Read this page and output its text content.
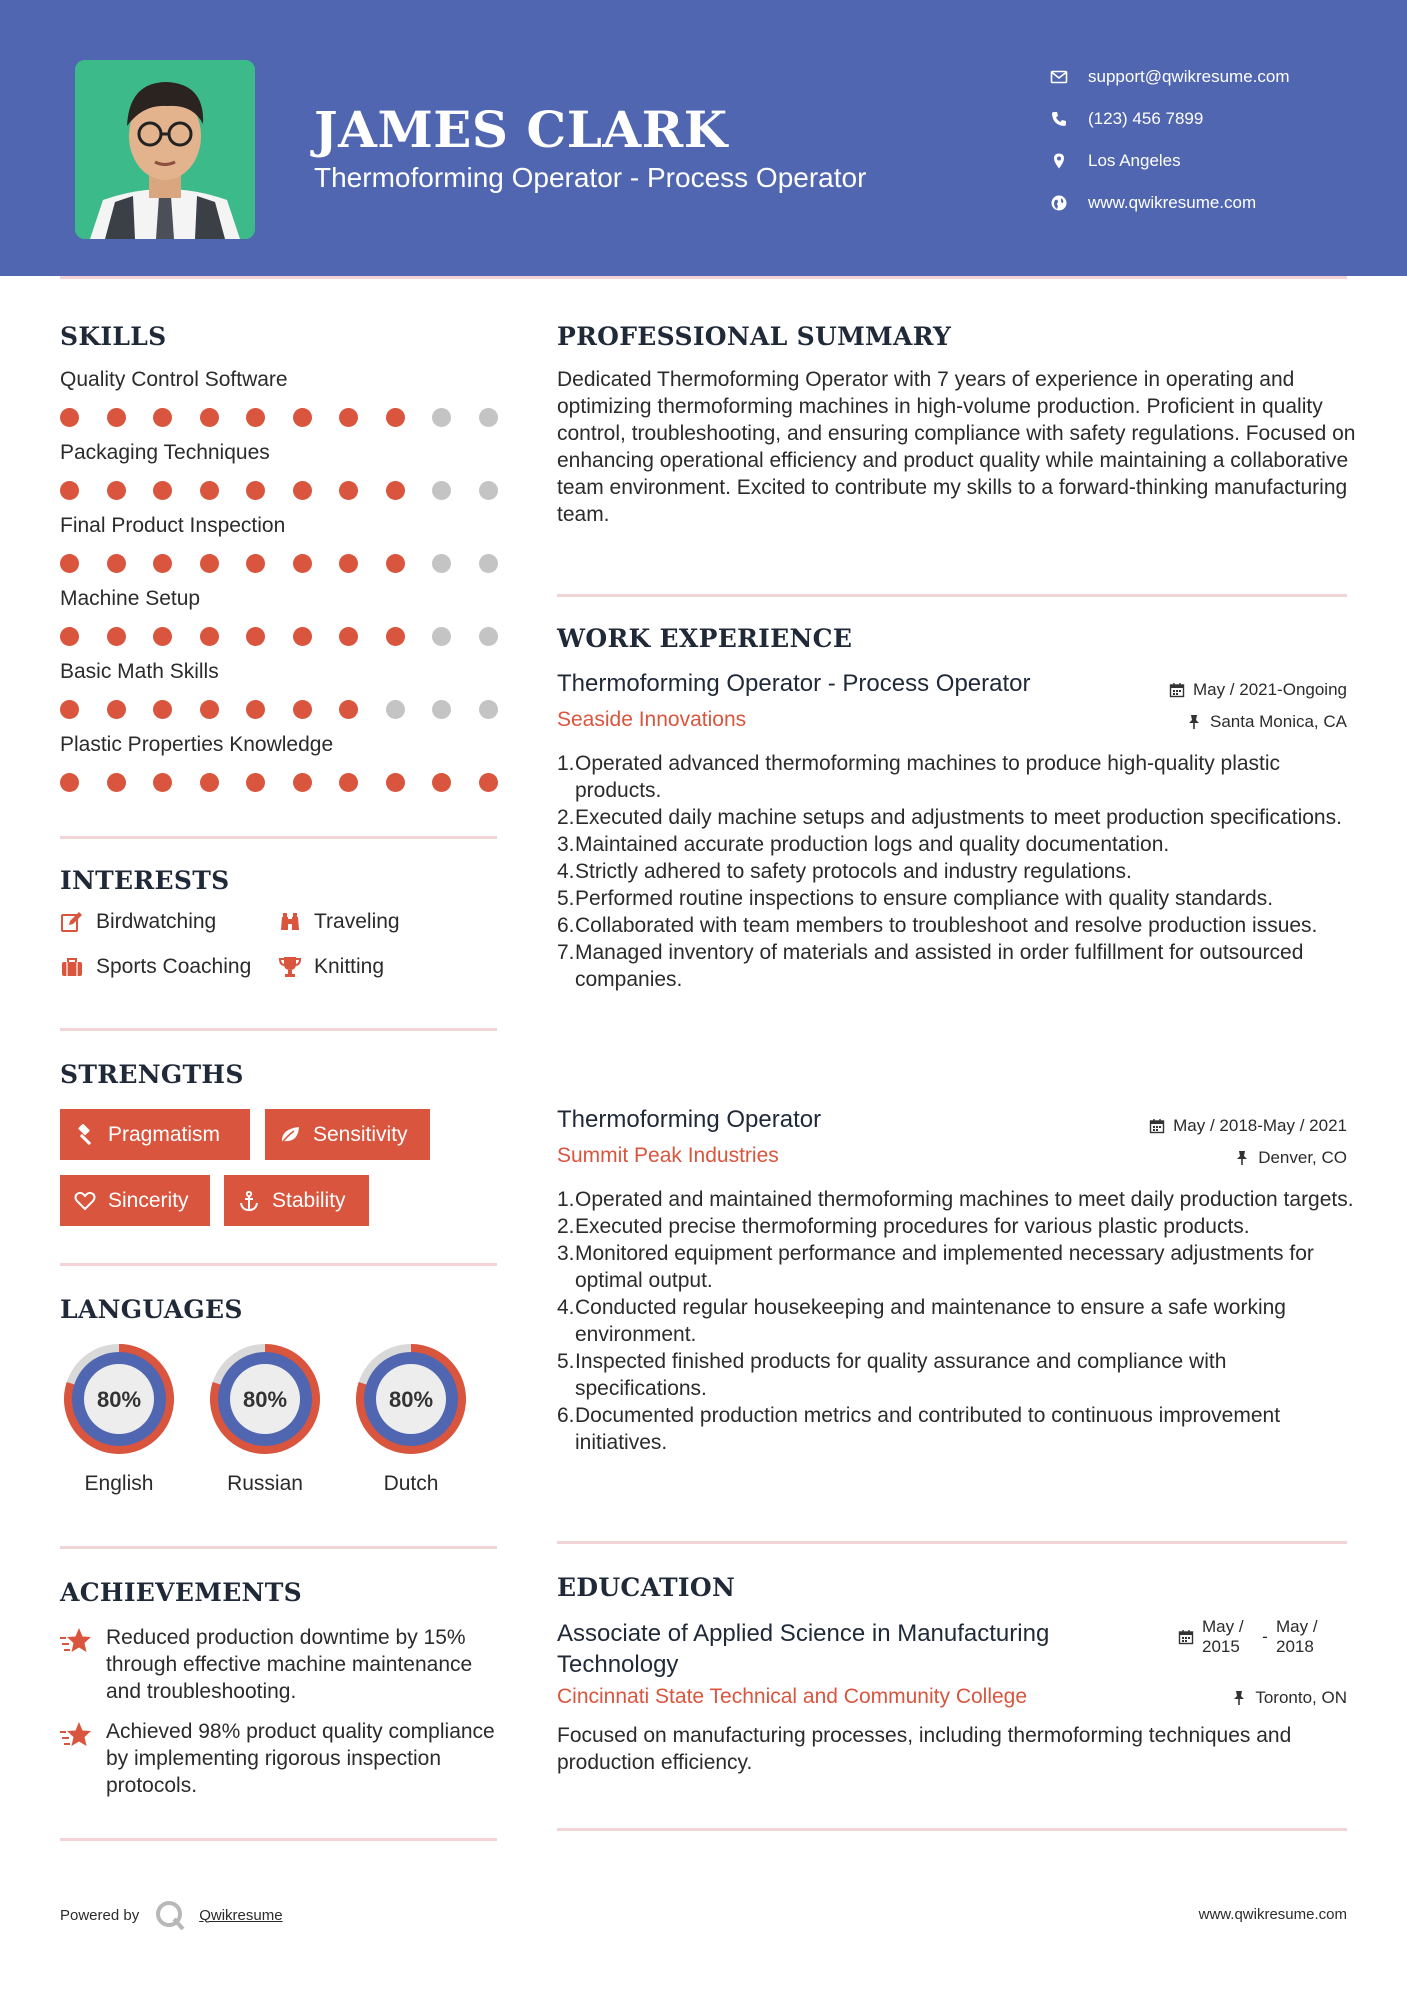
JAMES CLARK
Thermoforming Operator - Process Operator
support@qwikresume.com
(123) 456 7899
Los Angeles
www.qwikresume.com
SKILLS
Quality Control Software
Packaging Techniques
Final Product Inspection
Machine Setup
Basic Math Skills
Plastic Properties Knowledge
INTERESTS
Birdwatching	Traveling
Sports Coaching	Knitting
STRENGTHS
Pragmatism	Sensitivity
Sincerity	Stability
LANGUAGES
80%
English
80%
Russian
80%
Dutch
ACHIEVEMENTS
Reduced production downtime by 15% through effective machine maintenance and troubleshooting.
Achieved 98% product quality compliance by implementing rigorous inspection protocols.
PROFESSIONAL SUMMARY
Dedicated Thermoforming Operator with 7 years of experience in operating and optimizing thermoforming machines in high-volume production. Proficient in quality control, troubleshooting, and ensuring compliance with safety regulations. Focused on enhancing operational efficiency and product quality while maintaining a collaborative team environment. Excited to contribute my skills to a forward-thinking manufacturing team.
WORK EXPERIENCE
Thermoforming Operator - Process Operator	May / 2021-Ongoing
Seaside Innovations	Santa Monica, CA
1. Operated advanced thermoforming machines to produce high-quality plastic products.
2. Executed daily machine setups and adjustments to meet production specifications.
3. Maintained accurate production logs and quality documentation.
4. Strictly adhered to safety protocols and industry regulations.
5. Performed routine inspections to ensure compliance with quality standards.
6. Collaborated with team members to troubleshoot and resolve production issues.
7. Managed inventory of materials and assisted in order fulfillment for outsourced companies.
Thermoforming Operator	May / 2018-May / 2021
Summit Peak Industries	Denver, CO
1. Operated and maintained thermoforming machines to meet daily production targets.
2. Executed precise thermoforming procedures for various plastic products.
3. Monitored equipment performance and implemented necessary adjustments for optimal output.
4. Conducted regular housekeeping and maintenance to ensure a safe working environment.
5. Inspected finished products for quality assurance and compliance with specifications.
6. Documented production metrics and contributed to continuous improvement initiatives.
EDUCATION
Associate of Applied Science in Manufacturing Technology
May / 2015
-
May / 2018
Cincinnati State Technical and Community College	Toronto, ON
Focused on manufacturing processes, including thermoforming techniques and production efficiency.
Powered by	Qwikresume	www.qwikresume.com
